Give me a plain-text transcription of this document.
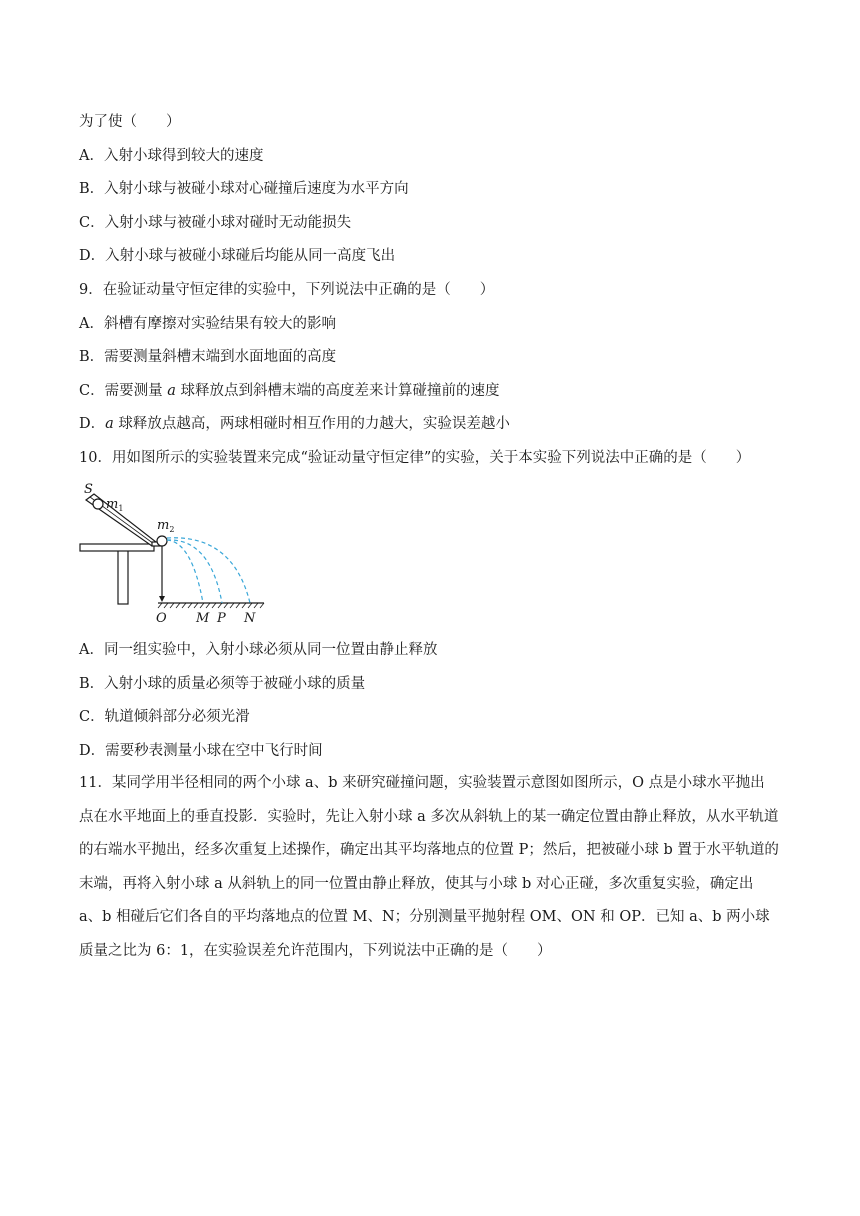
为了使（　　）
A．入射小球得到较大的速度
B．入射小球与被碰小球对心碰撞后速度为水平方向
C．入射小球与被碰小球对碰时无动能损失
D．入射小球与被碰小球碰后均能从同一高度飞出
9．在验证动量守恒定律的实验中，下列说法中正确的是（　　）
A．斜槽有摩擦对实验结果有较大的影响
B．需要测量斜槽末端到水面地面的高度
C．需要测量 a 球释放点到斜槽末端的高度差来计算碰撞前的速度
D．a 球释放点越高，两球相碰时相互作用的力越大，实验误差越小
10．用如图所示的实验装置来完成“验证动量守恒定律”的实验，关于本实验下列说法中正确的是（　　）
S
$m_1$
$m_2$
O M P N
A．同一组实验中，入射小球必须从同一位置由静止释放
B．入射小球的质量必须等于被碰小球的质量
C．轨道倾斜部分必须光滑
D．需要秒表测量小球在空中飞行时间
11．某同学用半径相同的两个小球 a、b 来研究碰撞问题，实验装置示意图如图所示，O 点是小球水平抛出点在水平地面上的垂直投影．实验时，先让入射小球 a 多次从斜轨上的某一确定位置由静止释放，从水平轨道的右端水平抛出，经多次重复上述操作，确定出其平均落地点的位置 P；然后，把被碰小球 b 置于水平轨道的末端，再将入射小球 a 从斜轨上的同一位置由静止释放，使其与小球 b 对心正碰，多次重复实验，确定出 a、b 相碰后它们各自的平均落地点的位置 M、N；分别测量平抛射程 OM、ON 和 OP．已知 a、b 两小球质量之比为 6：1，在实验误差允许范围内，下列说法中正确的是（　　）
